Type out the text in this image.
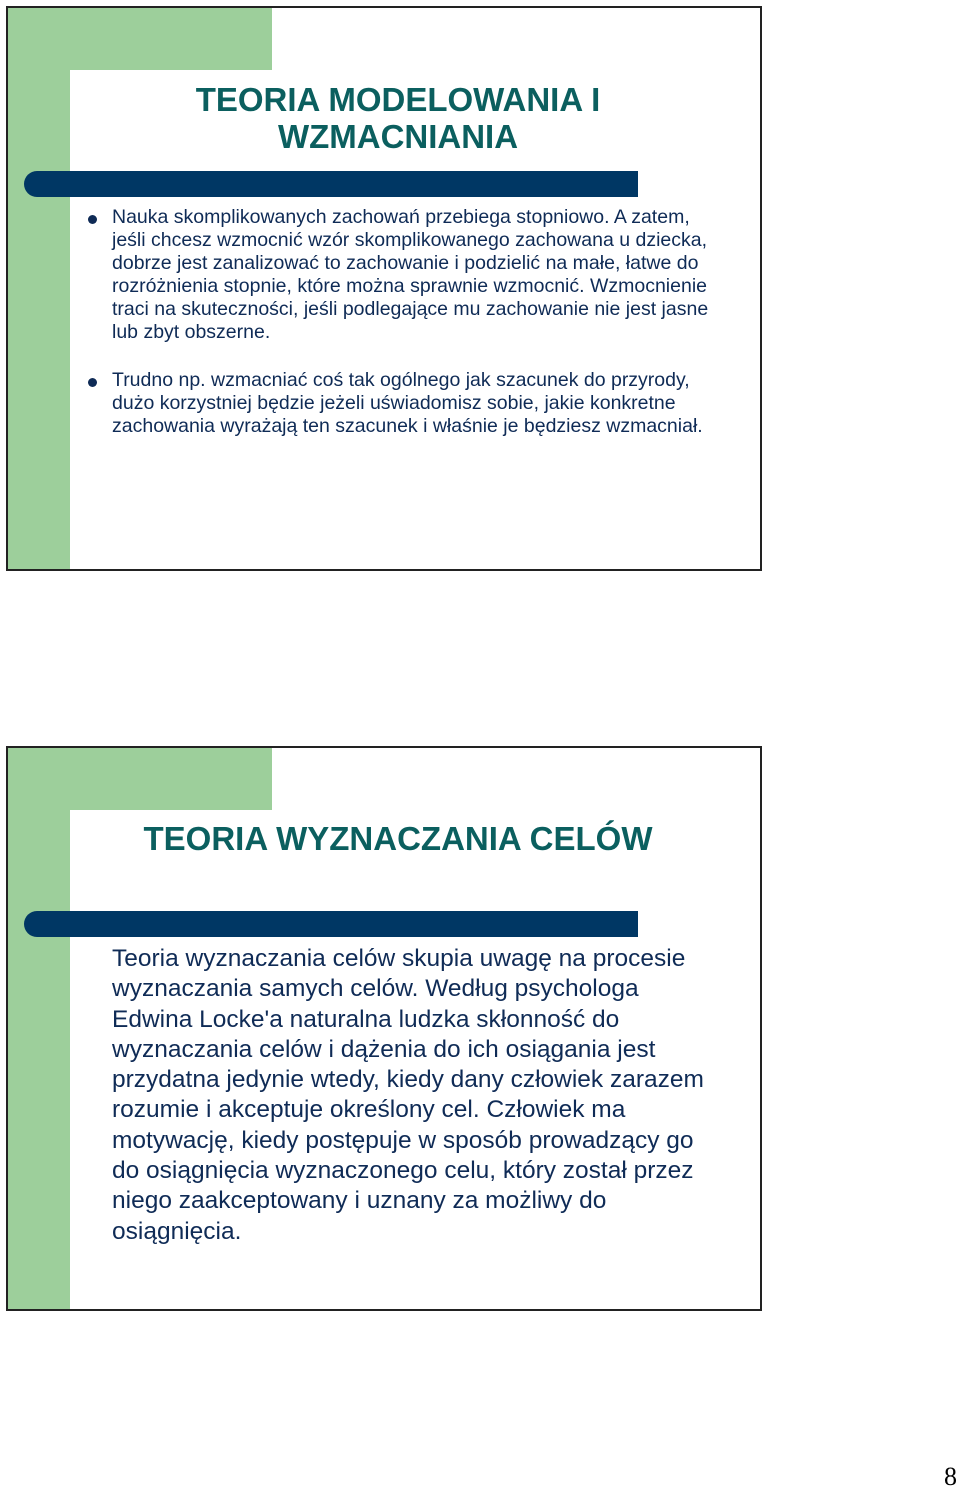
TEORIA MODELOWANIA I
WZMACNIANIA
Nauka skomplikowanych zachowań przebiega stopniowo. A zatem, jeśli chcesz wzmocnić wzór skomplikowanego zachowana u dziecka, dobrze jest zanalizować to zachowanie i podzielić na małe, łatwe do rozróżnienia stopnie, które można sprawnie wzmocnić. Wzmocnienie traci na skuteczności, jeśli podlegające mu zachowanie nie jest jasne lub zbyt obszerne.
Trudno np. wzmacniać coś tak ogólnego jak szacunek do przyrody, dużo korzystniej będzie jeżeli uświadomisz sobie, jakie konkretne zachowania wyrażają ten szacunek i właśnie je będziesz wzmacniał.
TEORIA WYZNACZANIA CELÓW

Teoria wyznaczania celów skupia uwagę na procesie wyznaczania samych celów. Według psychologa Edwina Locke'a naturalna ludzka skłonność do wyznaczania celów i dążenia do ich osiągania jest przydatna jedynie wtedy, kiedy dany człowiek zarazem rozumie i akceptuje określony cel. Człowiek ma motywację, kiedy postępuje w sposób prowadzący go do osiągnięcia wyznaczonego celu, który został przez niego zaakceptowany i uznany za możliwy do osiągnięcia.

8
